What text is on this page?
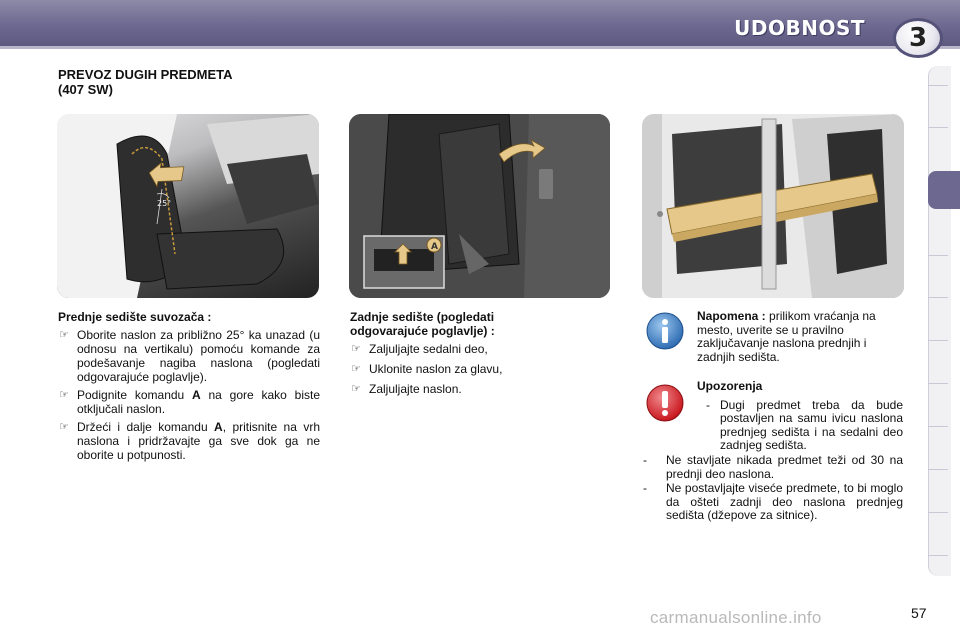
UDOBNOST	3
PREVOZ DUGIH PREDMETA
(407 SW)
25°
A
Prednje sedište suvozača :
☞ Oborite naslon za približno 25° ka unazad (u odnosu na vertikalu) pomoću komande za podešavanje nagiba naslona (pogledati odgovarajuće poglavlje).
☞ Podignite komandu A na gore kako biste otključali naslon.
☞ Držeći i dalje komandu A, pritisnite na vrh naslona i pridržavajte ga sve dok ga ne oborite u potpunosti.
Zadnje sedište (pogledati
odgovarajuće poglavlje) :
☞ Zaljuljajte sedalni deo,
☞ Uklonite naslon za glavu,
☞ Zaljuljajte naslon.
Napomena : prilikom vraćanja na mesto, uverite se u pravilno zaključavanje naslona prednjih i zadnjih sedišta.
Upozorenja
- Dugi predmet treba da bude postavljen na samu ivicu naslona prednjeg sedišta i na sedalni deo zadnjeg sedišta.
- Ne stavljate nikada predmet teži od 30 na prednji deo naslona.
- Ne postavljajte viseće predmete, to bi moglo da ošteti zadnji deo naslona prednjeg sedišta (džepove za sitnice).
carmanualsonline.info	57
